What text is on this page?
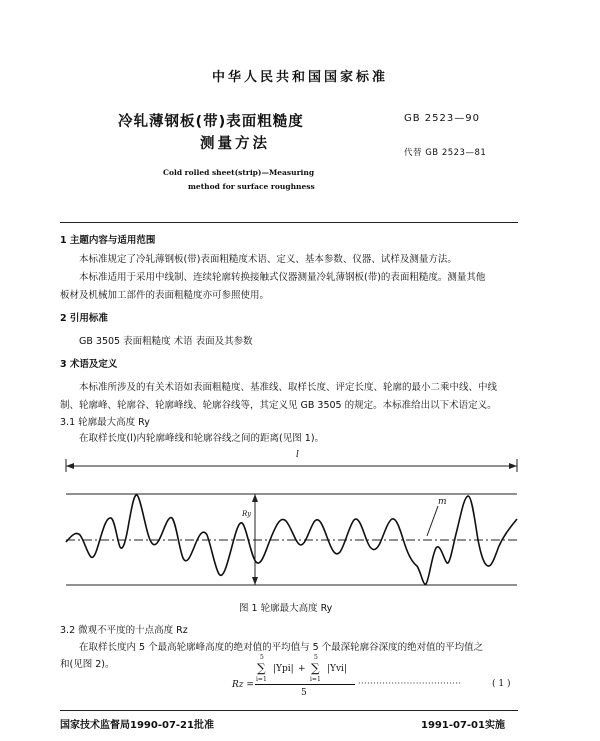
中华人民共和国国家标准
冷轧薄钢板(带)表面粗糙度
测量方法
GB 2523—90
代替 GB 2523—81
Cold rolled sheet(strip)—Measuring
method for surface roughness
1 主题内容与适用范围
本标准规定了冷轧薄钢板(带)表面粗糙度术语、定义、基本参数、仪器、试样及测量方法。
本标准适用于采用中线制、连续轮廓转换接触式仪器测量冷轧薄钢板(带)的表面粗糙度。测量其他
板材及机械加工部件的表面粗糙度亦可参照使用。
2 引用标准
GB 3505 表面粗糙度 术语 表面及其参数
3 术语及定义
本标准所涉及的有关术语如表面粗糙度、基准线、取样长度、评定长度、轮廓的最小二乘中线、中线
制、轮廓峰、轮廓谷、轮廓峰线、轮廓谷线等，其定义见 GB 3505 的规定。本标准给出以下术语定义。
3.1 轮廓最大高度 Ry
在取样长度(l)内轮廓峰线和轮廓谷线之间的距离(见图 1)。
l
m
Ry
图 1 轮廓最大高度 Ry
3.2 微观不平度的十点高度 Rz
在取样长度内 5 个最高轮廓峰高度的绝对值的平均值与 5 个最深轮廓谷深度的绝对值的平均值之
和(见图 2)。
Rz =
5
∑
i=1
|Ypi| +
5
∑
i=1
|Yvi|
5
··································	( 1 )
国家技术监督局1990-07-21批准	1991-07-01实施
